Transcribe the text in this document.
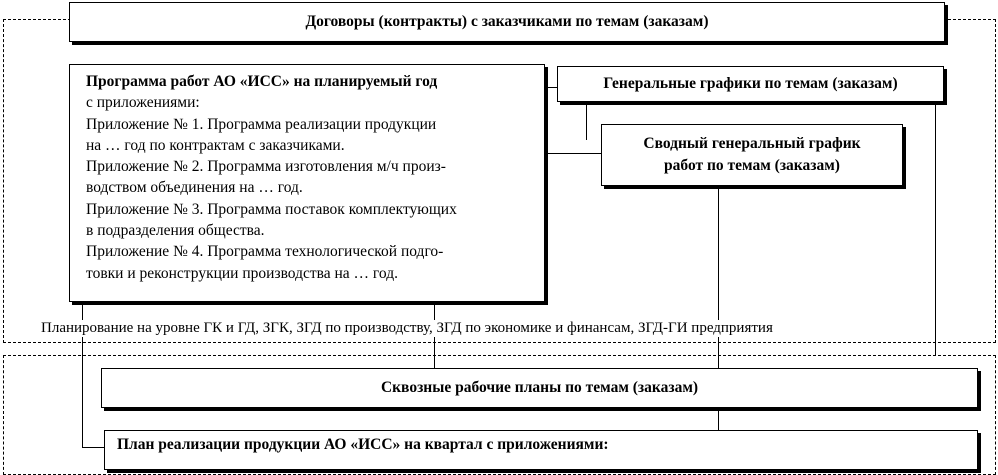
Договоры (контракты) с заказчиками по темам (заказам)

Программа работ АО «ИСС» на планируемый год

с приложениями:

Приложение № 1. Программа реализации продукции

на … год по контрактам с заказчиками.

Приложение № 2. Программа изготовления м/ч произ-

водством объединения на … год.

Приложение № 3. Программа поставок комплектующих

в подразделения общества.

Приложение № 4. Программа технологической подго-

товки и реконструкции производства на … год.

Генеральные графики по темам (заказам)
Сводный генеральный график
работ по темам (заказам)
Планирование на уровне ГК и ГД, ЗГК, ЗГД по производству, ЗГД по экономике и финансам, ЗГД-ГИ предприятия
Сквозные рабочие планы по темам (заказам)
План реализации продукции АО «ИСС» на квартал с приложениями:
